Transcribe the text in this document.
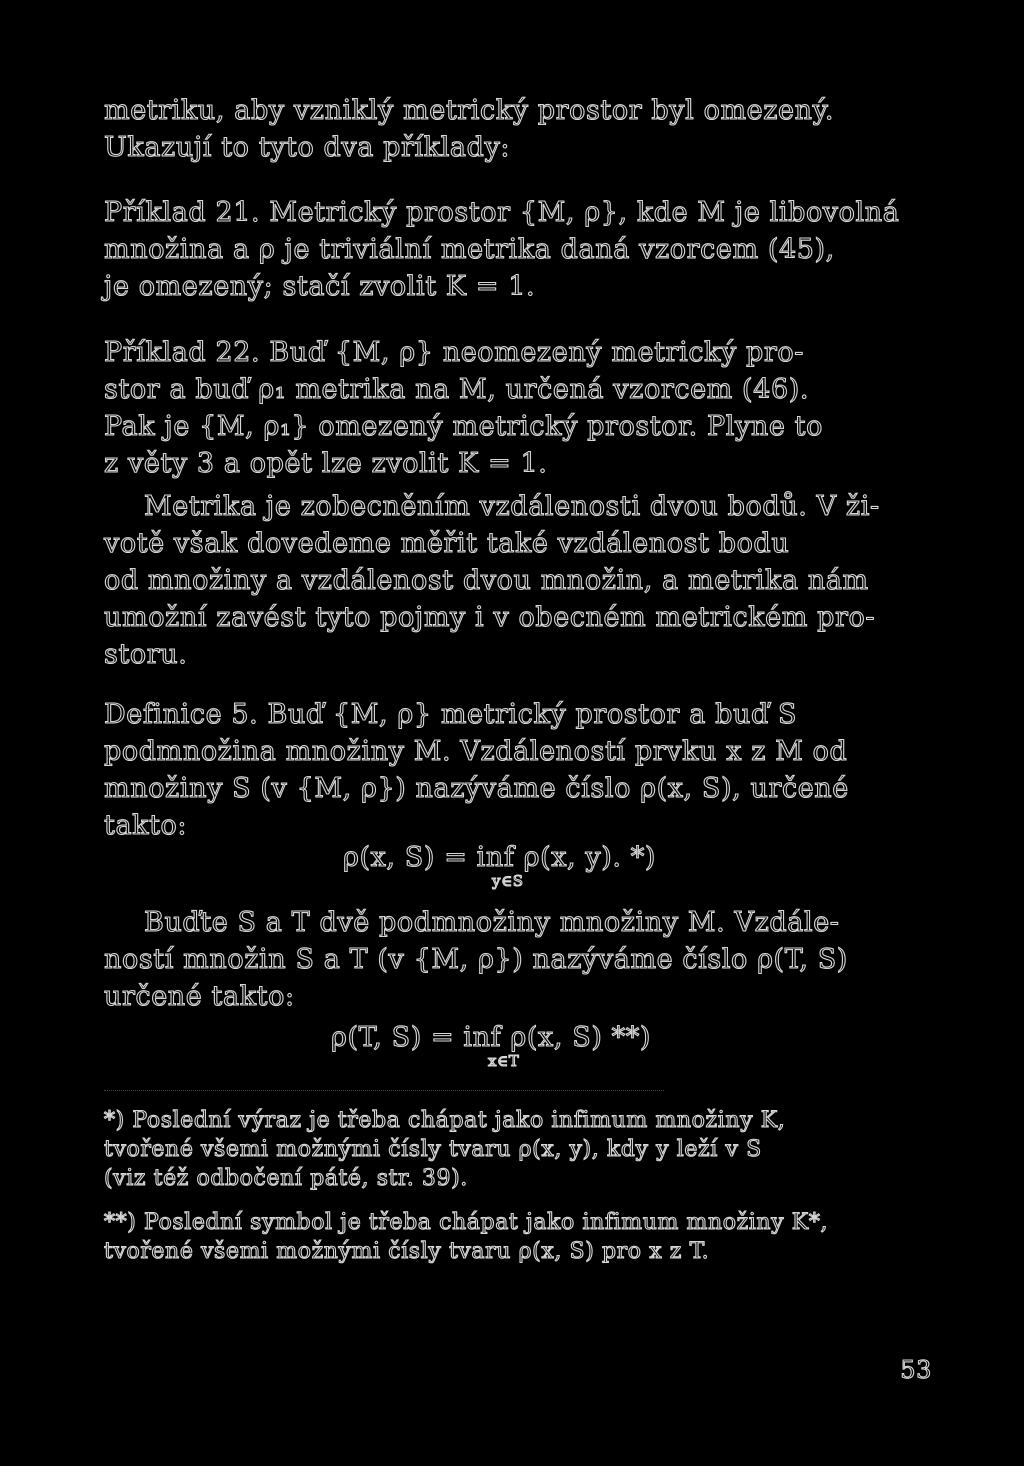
metriku, aby vzniklý metrický prostor byl omezený.
Ukazují to tyto dva příklady:
Příklad 21. Metrický prostor {M, ρ}, kde M je libovolná
množina a ρ je triviální metrika daná vzorcem (45),
je omezený; stačí zvolit K = 1.
Příklad 22. Buď {M, ρ} neomezený metrický pro-
stor a buď ρ₁ metrika na M, určená vzorcem (46).
Pak je {M, ρ₁} omezený metrický prostor. Plyne to
z věty 3 a opět lze zvolit K = 1.
Metrika je zobecněním vzdálenosti dvou bodů. V ži-
votě však dovedeme měřit také vzdálenost bodu
od množiny a vzdálenost dvou množin, a metrika nám
umožní zavést tyto pojmy i v obecném metrickém pro-
storu.
Definice 5. Buď {M, ρ} metrický prostor a buď S
podmnožina množiny M. Vzdáleností prvku x z M od
množiny S (v {M, ρ}) nazýváme číslo ρ(x, S), určené
takto:
ρ(x, S) = inf ρ(x, y). *)
y∈S
Buďte S a T dvě podmnožiny množiny M. Vzdále-
ností množin S a T (v {M, ρ}) nazýváme číslo ρ(T, S)
určené takto:
ρ(T, S) = inf ρ(x, S) **)
x∈T
*) Poslední výraz je třeba chápat jako infimum množiny K,
tvořené všemi možnými čísly tvaru ρ(x, y), kdy y leží v S
(viz též odbočení páté, str. 39).
**) Poslední symbol je třeba chápat jako infimum množiny K*,
tvořené všemi možnými čísly tvaru ρ(x, S) pro x z T.
53
